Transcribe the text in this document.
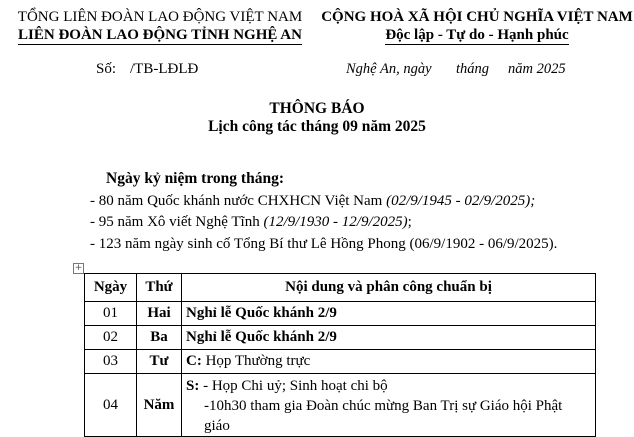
TỔNG LIÊN ĐOÀN LAO ĐỘNG VIỆT NAM
LIÊN ĐOÀN LAO ĐỘNG TỈNH NGHỆ AN
CỘNG HOÀ XÃ HỘI CHỦ NGHĨA VIỆT NAM
Độc lập - Tự do - Hạnh phúc
Số: /TB-LĐLĐ	Nghệ An, ngày tháng năm 2025
THÔNG BÁO
Lịch công tác tháng 09 năm 2025
Ngày kỷ niệm trong tháng:
- 80 năm Quốc khánh nước CHXHCN Việt Nam (02/9/1945 - 02/9/2025);
- 95 năm Xô viết Nghệ Tĩnh (12/9/1930 - 12/9/2025);
- 123 năm ngày sinh cố Tổng Bí thư Lê Hồng Phong (06/9/1902 - 06/9/2025).
+
Ngày	Thứ	Nội dung và phân công chuẩn bị
01	Hai	Nghỉ lễ Quốc khánh 2/9
02	Ba	Nghỉ lễ Quốc khánh 2/9
03	Tư	C: Họp Thường trực
04	Năm	S: - Họp Chi uỷ; Sinh hoạt chi bộ
-10h30 tham gia Đoàn chúc mừng Ban Trị sự Giáo hội Phật giáo
